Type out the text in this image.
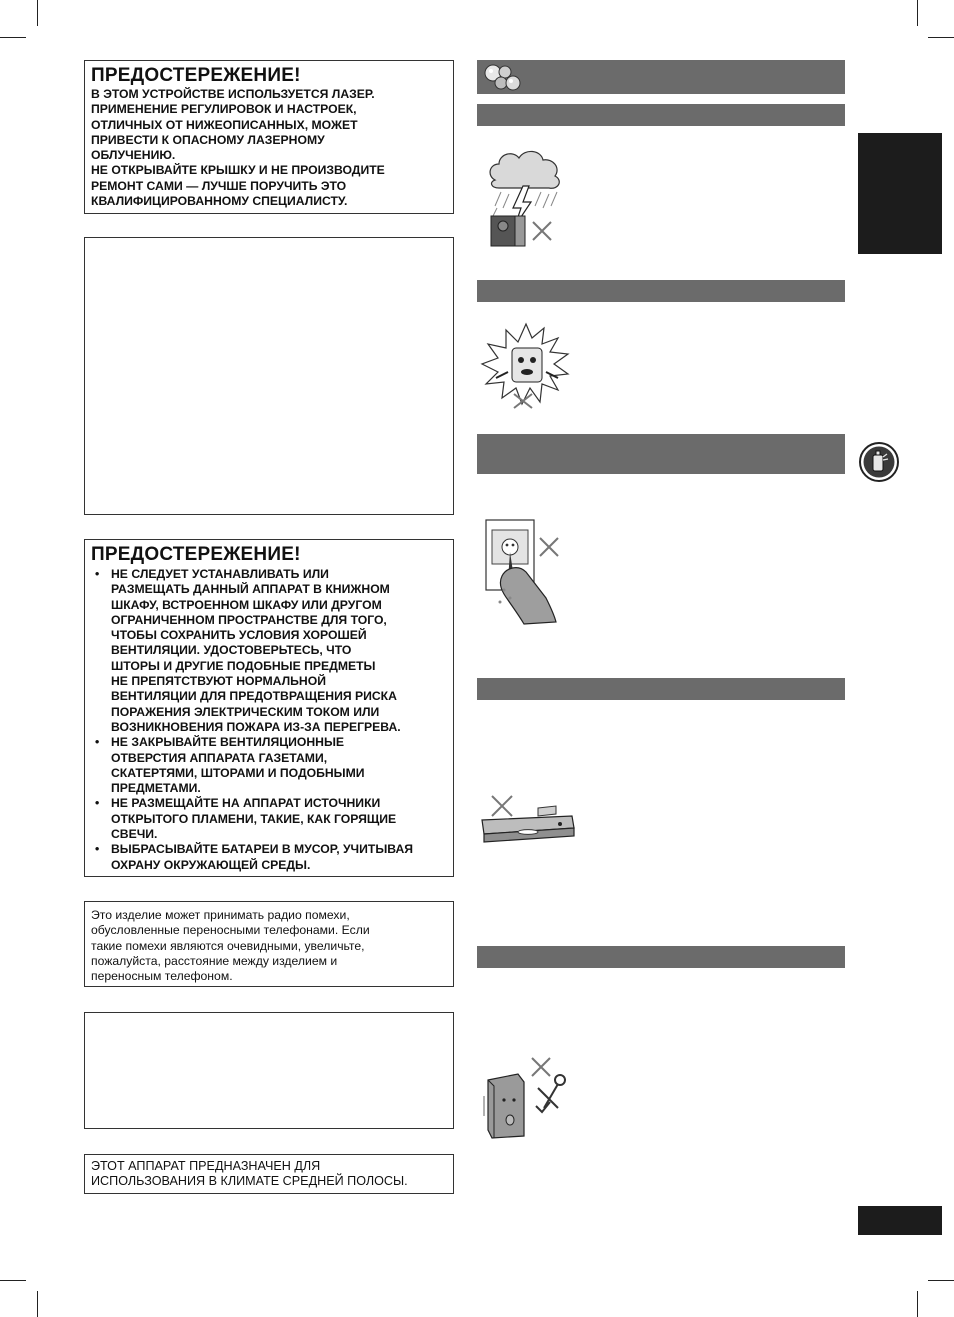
ПРЕДОСТЕРЕЖЕНИЕ!
В ЭТОМ УСТРОЙСТВЕ ИСПОЛЬЗУЕТСЯ ЛАЗЕР.
ПРИМЕНЕНИЕ РЕГУЛИРОВОК И НАСТРОЕК,
ОТЛИЧНЫХ ОТ НИЖЕОПИСАННЫХ, МОЖЕТ
ПРИВЕСТИ К ОПАСНОМУ ЛАЗЕРНОМУ
ОБЛУЧЕНИЮ.
НЕ ОТКРЫВАЙТЕ КРЫШКУ И НЕ ПРОИЗВОДИТЕ
РЕМОНТ САМИ — ЛУЧШЕ ПОРУЧИТЬ ЭТО
КВАЛИФИЦИРОВАННОМУ СПЕЦИАЛИСТУ.
ПРЕДОСТЕРЕЖЕНИЕ!
• НЕ СЛЕДУЕТ УСТАНАВЛИВАТЬ ИЛИ
РАЗМЕЩАТЬ ДАННЫЙ АППАРАТ В КНИЖНОМ
ШКАФУ, ВСТРОЕННОМ ШКАФУ ИЛИ ДРУГОМ
ОГРАНИЧЕННОМ ПРОСТРАНСТВЕ ДЛЯ ТОГО,
ЧТОБЫ СОХРАНИТЬ УСЛОВИЯ ХОРОШЕЙ
ВЕНТИЛЯЦИИ. УДОСТОВЕРЬТЕСЬ, ЧТО
ШТОРЫ И ДРУГИЕ ПОДОБНЫЕ ПРЕДМЕТЫ
НЕ ПРЕПЯТСТВУЮТ НОРМАЛЬНОЙ
ВЕНТИЛЯЦИИ ДЛЯ ПРЕДОТВРАЩЕНИЯ РИСКА
ПОРАЖЕНИЯ ЭЛЕКТРИЧЕСКИМ ТОКОМ ИЛИ
ВОЗНИКНОВЕНИЯ ПОЖАРА ИЗ-ЗА ПЕРЕГРЕВА.
• НЕ ЗАКРЫВАЙТЕ ВЕНТИЛЯЦИОННЫЕ
ОТВЕРСТИЯ АППАРАТА ГАЗЕТАМИ,
СКАТЕРТЯМИ, ШТОРАМИ И ПОДОБНЫМИ
ПРЕДМЕТАМИ.
• НЕ РАЗМЕЩАЙТЕ НА АППАРАТ ИСТОЧНИКИ
ОТКРЫТОГО ПЛАМЕНИ, ТАКИЕ, КАК ГОРЯЩИЕ
СВЕЧИ.
• ВЫБРАСЫВАЙТЕ БАТАРЕИ В МУСОР, УЧИТЫВАЯ
ОХРАНУ ОКРУЖАЮЩЕЙ СРЕДЫ.
Это изделие может принимать радио помехи,
обусловленные переносными телефонами. Если
такие помехи являются очевидными, увеличьте,
пожалуйста, расстояние между изделием и
переносным телефоном.
ЭТОТ АППАРАТ ПРЕДНАЗНАЧЕН ДЛЯ
ИСПОЛЬЗОВАНИЯ В КЛИМАТЕ СРЕДНЕЙ ПОЛОСЫ.
